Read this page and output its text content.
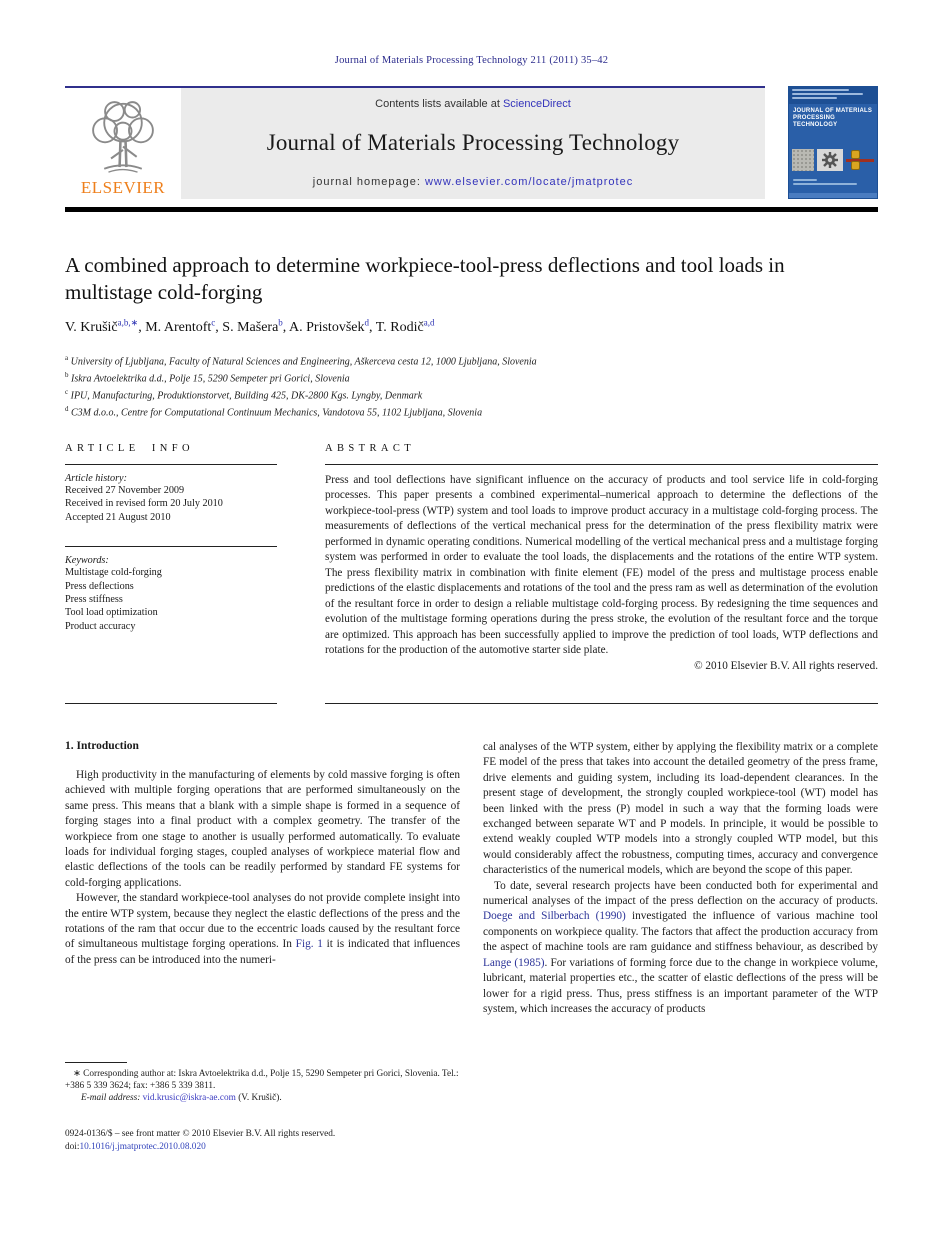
Journal of Materials Processing Technology 211 (2011) 35–42
ELSEVIER
Contents lists available at ScienceDirect
Journal of Materials Processing Technology
journal homepage: www.elsevier.com/locate/jmatprotec
JOURNAL OF MATERIALS PROCESSING TECHNOLOGY
A combined approach to determine workpiece-tool-press deflections and tool loads in multistage cold-forging
V. Krušič$^{a,b,∗}$, M. Arentoft$^c$, S. Mašera$^b$, A. Pristovšek$^d$, T. Rodič$^{a,d}$
$^a$ University of Ljubljana, Faculty of Natural Sciences and Engineering, Aškerceva cesta 12, 1000 Ljubljana, Slovenia
$^b$ Iskra Avtoelektrika d.d., Polje 15, 5290 Sempeter pri Gorici, Slovenia
$^c$ IPU, Manufacturing, Produktionstorvet, Building 425, DK-2800 Kgs. Lyngby, Denmark
$^d$ C3M d.o.o., Centre for Computational Continuum Mechanics, Vandotova 55, 1102 Ljubljana, Slovenia
ARTICLE INFO
Article history:
Received 27 November 2009
Received in revised form 20 July 2010
Accepted 21 August 2010
Keywords:
Multistage cold-forging
Press deflections
Press stiffness
Tool load optimization
Product accuracy
ABSTRACT
Press and tool deflections have significant influence on the accuracy of products and tool service life in cold-forging processes. This paper presents a combined experimental–numerical approach to determine the deflections of the workpiece-tool-press (WTP) system and tool loads to improve product accuracy in a multistage cold-forging process. The measurements of deflections of the vertical mechanical press for the determination of the press flexibility matrix were performed in dynamic operating conditions. Numerical modelling of the vertical mechanical press and a multistage forging system was performed in order to evaluate the tool loads, the displacements and the rotations of the entire WTP system. The press flexibility matrix in combination with finite element (FE) model of the press and multistage process enable predictions of the elastic displacements and rotations of the tool and the press ram as well as determination of the evolution of the resultant force in order to design a reliable multistage cold-forging process. By redesigning the time sequences and evolution of the multistage forming operations during the press stroke, the evolution of the resultant force and the torque are optimized. This approach has been successfully applied to improve the prediction of tool loads, WTP deflections and rotations for the production of the automotive starter side plate.
© 2010 Elsevier B.V. All rights reserved.
1. Introduction

High productivity in the manufacturing of elements by cold massive forging is often achieved with multiple forging operations that are performed simultaneously on the same press. This means that a blank with a simple shape is formed in a sequence of forging stages into a final product with a complex geometry. The transfer of the workpiece from one stage to another is usually performed automatically. To evaluate loads for individual forging stages, coupled analyses of workpiece material flow and elastic deflections of the tools can be readily performed by standard FE systems for cold-forging applications.

However, the standard workpiece-tool analyses do not provide complete insight into the entire WTP system, because they neglect the elastic deflections of the press and the rotations of the ram that occur due to the eccentric loads caused by the resultant force of simultaneous multistage forging operations. In Fig. 1 it is indicated that influences of the press can be introduced into the numeri-

cal analyses of the WTP system, either by applying the flexibility matrix or a complete FE model of the press that takes into account the detailed geometry of the press frame, drive elements and guiding system, including its load-dependent clearances. In the present stage of development, the strongly coupled workpiece-tool (WT) model has been linked with the press (P) model in such a way that the forming loads were exchanged between separate WT and P models. In principle, it would be possible to extend weakly coupled WTP models into a strongly coupled WTP model, but this would considerably affect the robustness, computing times, accuracy and convergence characteristics of the numerical models, which are beyond the scope of this paper.

To date, several research projects have been conducted both for experimental and numerical analyses of the impact of the press deflection on the accuracy of products. Doege and Silberbach (1990) investigated the influence of various machine tool components on workpiece quality. The factors that affect the production accuracy from the aspect of machine tools are ram guidance and stiffness behaviour, as described by Lange (1985). For variations of forming force due to the change in workpiece volume, lubricant, material properties etc., the scatter of elastic deflections of the press will be lower for a rigid press. Thus, press stiffness is an important parameter of the WTP system, which increases the accuracy of products

∗ Corresponding author at: Iskra Avtoelektrika d.d., Polje 15, 5290 Sempeter pri Gorici, Slovenia. Tel.: +386 5 339 3624; fax: +386 5 339 3811.
E-mail address: vid.krusic@iskra-ae.com (V. Krušič).
0924-0136/$ – see front matter © 2010 Elsevier B.V. All rights reserved.
doi:10.1016/j.jmatprotec.2010.08.020
